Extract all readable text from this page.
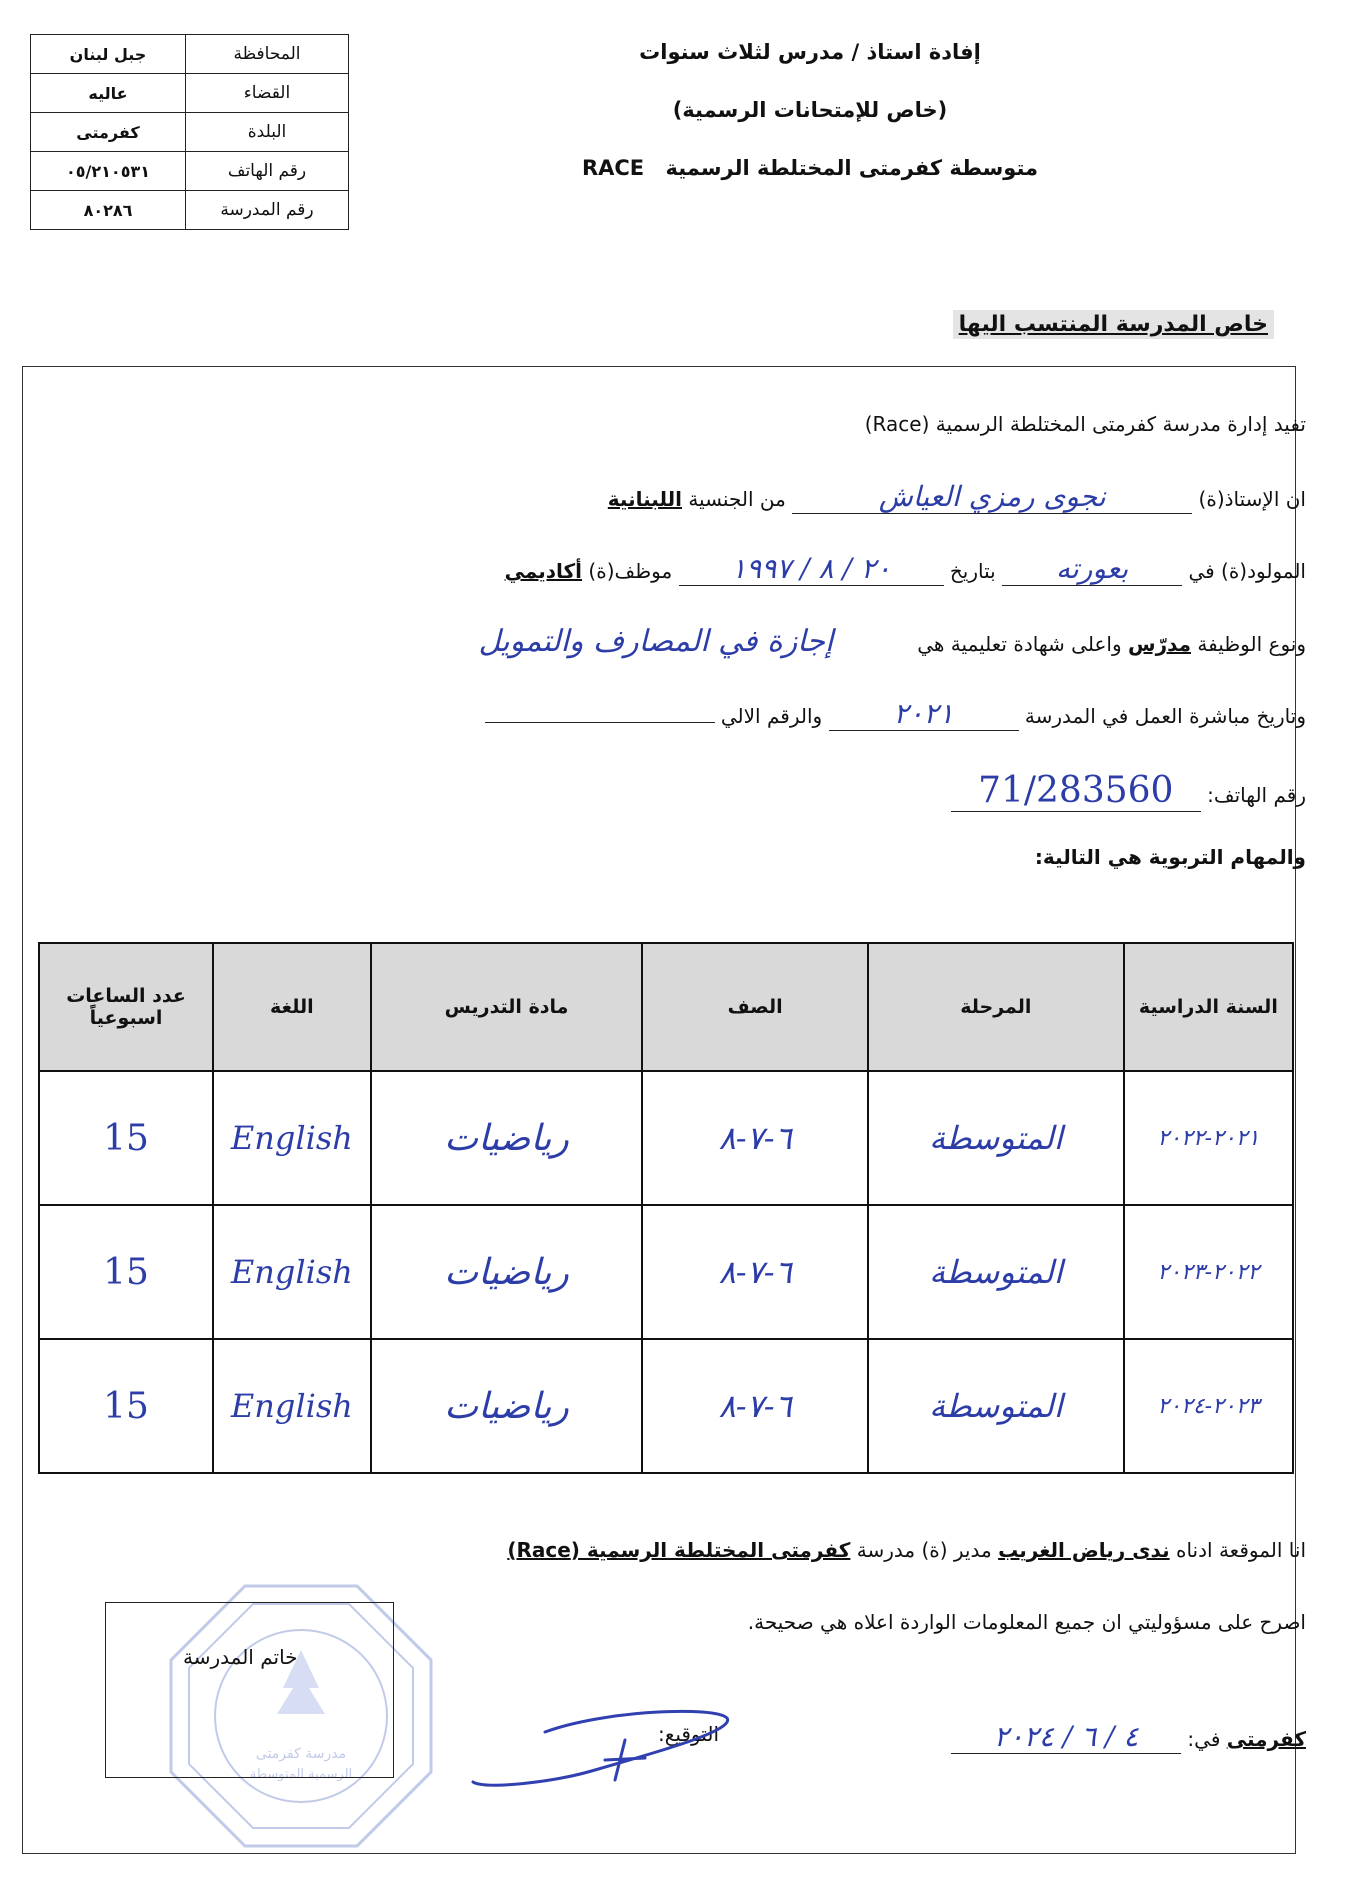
جبل لبنان	المحافظة
عاليه	القضاء
كفرمتى	البلدة
٠٥/٢١٠٥٣١	رقم الهاتف
٨٠٢٨٦	رقم المدرسة
إفادة استاذ / مدرس لثلاث سنوات
(خاص للإمتحانات الرسمية)
متوسطة كفرمتى المختلطة الرسمية RACE
خاص المدرسة المنتسب اليها
تفيد إدارة مدرسة كفرمتى المختلطة الرسمية (Race)
ان الإستاذ(ة) نجوى رمزي العياش من الجنسية اللبنانية
المولود(ة) في بعورته بتاريخ ٢٠ / ٨ / ١٩٩٧ موظف(ة) أكاديمي
ونوع الوظيفة مدرّس واعلى شهادة تعليمية هي إجازة في المصارف والتمويل
وتاريخ مباشرة العمل في المدرسة ٢٠٢١ والرقم الالي
رقم الهاتف: 71/283560
والمهام التربوية هي التالية:
السنة الدراسية	المرحلة	الصف	مادة التدريس	اللغة	عدد الساعات اسبوعياً
٢٠٢١-٢٠٢٢	المتوسطة	٦-٧-٨	رياضيات	English	15
٢٠٢٢-٢٠٢٣	المتوسطة	٦-٧-٨	رياضيات	English	15
٢٠٢٣-٢٠٢٤	المتوسطة	٦-٧-٨	رياضيات	English	15
انا الموقعة ادناه ندى رياض الغريب مدير (ة) مدرسة كفرمتى المختلطة الرسمية (Race)
اصرح على مسؤوليتي ان جميع المعلومات الواردة اعلاه هي صحيحة.
كفرمتى في: ٤ / ٦ / ٢٠٢٤
التوقيع:
مدرسة كفرمتى
الرسمية المتوسطة
خاتم المدرسة
